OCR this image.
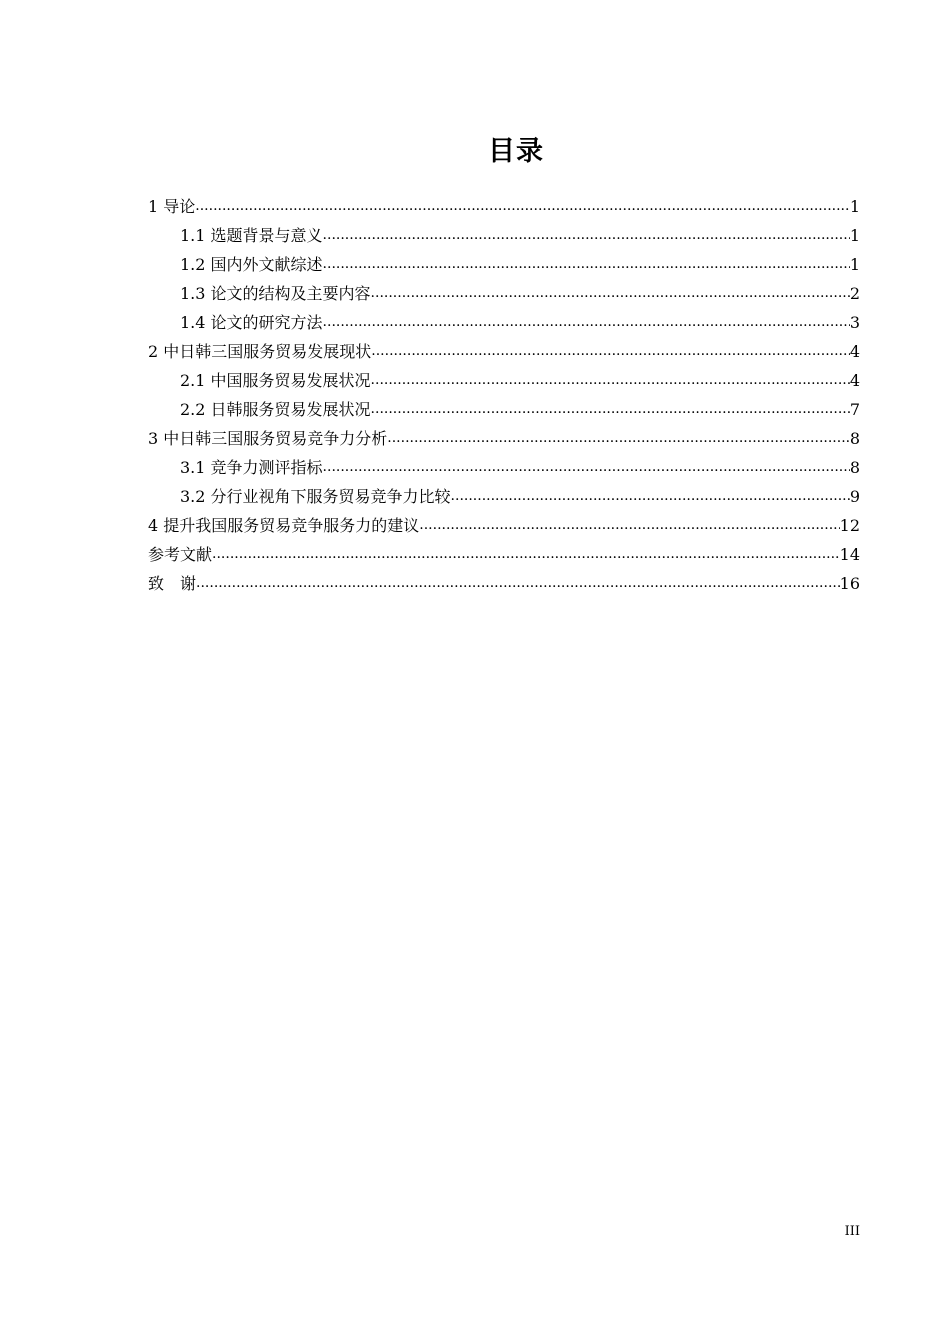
目录
1 导论 .....	1
1.1 选题背景与意义 .....	1
1.2 国内外文献综述 .....	1
1.3 论文的结构及主要内容 .....	2
1.4 论文的研究方法 .....	3
2 中日韩三国服务贸易发展现状 .....	4
2.1 中国服务贸易发展状况 .....	4
2.2 日韩服务贸易发展状况 .....	7
3 中日韩三国服务贸易竞争力分析 .....	8
3.1 竞争力测评指标 .....	8
3.2 分行业视角下服务贸易竞争力比较 .....	9
4 提升我国服务贸易竞争服务力的建议 .....	12
参考文献 .....	14
致　谢 .....	16
III
